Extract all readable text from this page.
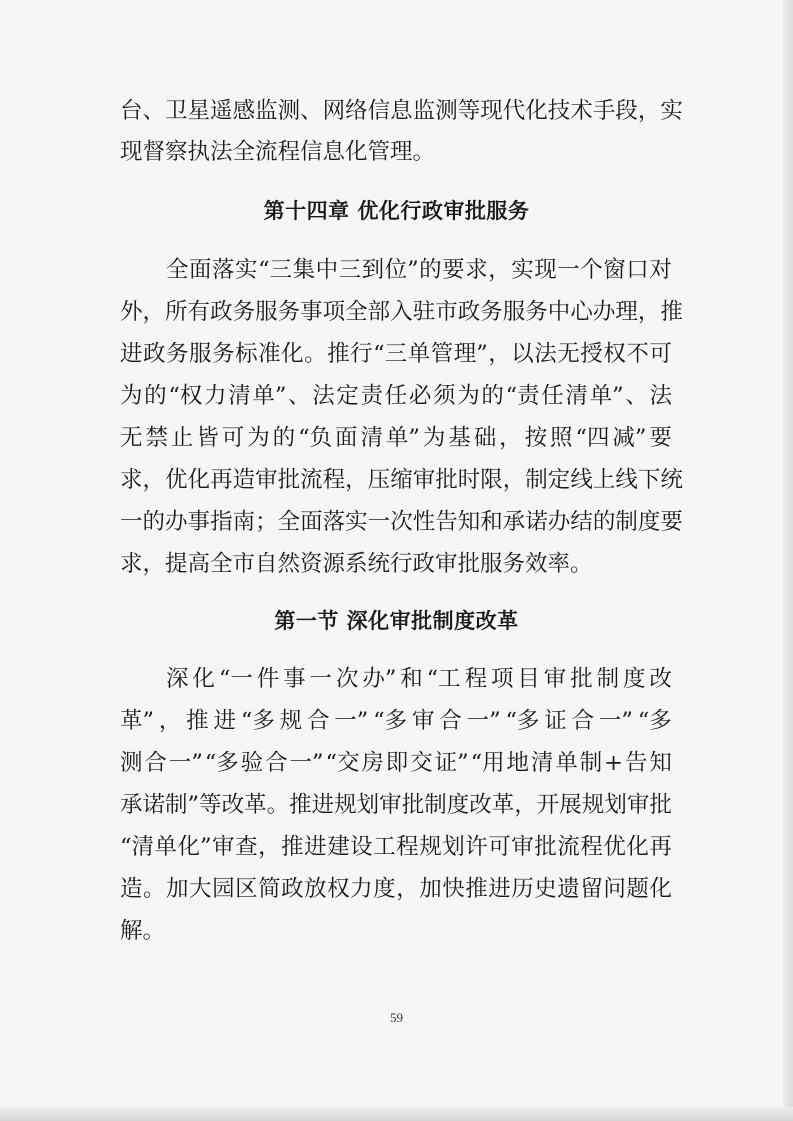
台、 卫 星 遥 感 监 测 、 网 络 信 息 监 测 等 现 代 化 技 术 手 段 ， 实
现督察执法全流程信息化管理。
第十四章 优化行政审批服务
全 面 落 实 “三 集 中 三 到 位” 的 要 求 ， 实 现 一 个 窗 口 对
外 ， 所 有 政 务 服 务 事 项 全 部 入 驻 市 政 务 服 务 中 心 办 理 ， 推
进 政 务 服 务 标 准 化 。 推 行 “三 单 管 理” ， 以 法 无 授 权 不 可
为 的 “权 力 清 单” 、 法 定 责 任 必 须 为 的 “责 任 清 单” 、 法
无 禁 止 皆 可 为 的 “负 面 清 单” 为 基 础 ， 按 照 “四 减” 要
求 ， 优 化 再 造 审 批 流 程 ， 压 缩 审 批 时 限 ， 制 定 线 上 线 下 统
一 的 办 事 指 南 ； 全 面 落 实 一 次 性 告 知 和 承 诺 办 结 的 制 度 要
求，提高全市自然资源系统行政审批服务效率。
第一节 深化审批制度改革
深 化 “一 件 事 一 次 办” 和 “工 程 项 目 审 批 制 度 改
革” ， 推 进 “多 规 合 一” “多 审 合 一” “多 证 合 一” “多
测 合 一” “多 验 合 一” “交 房 即 交 证” “用 地 清 单 制 + 告 知
承 诺 制” 等 改 革 。 推 进 规 划 审 批 制 度 改 革 ， 开 展 规 划 审 批
“清 单 化” 审 查 ， 推 进 建 设 工 程 规 划 许 可 审 批 流 程 优 化 再
造 。 加 大 园 区 简 政 放 权 力 度 ， 加 快 推 进 历 史 遗 留 问 题 化
解。
59
